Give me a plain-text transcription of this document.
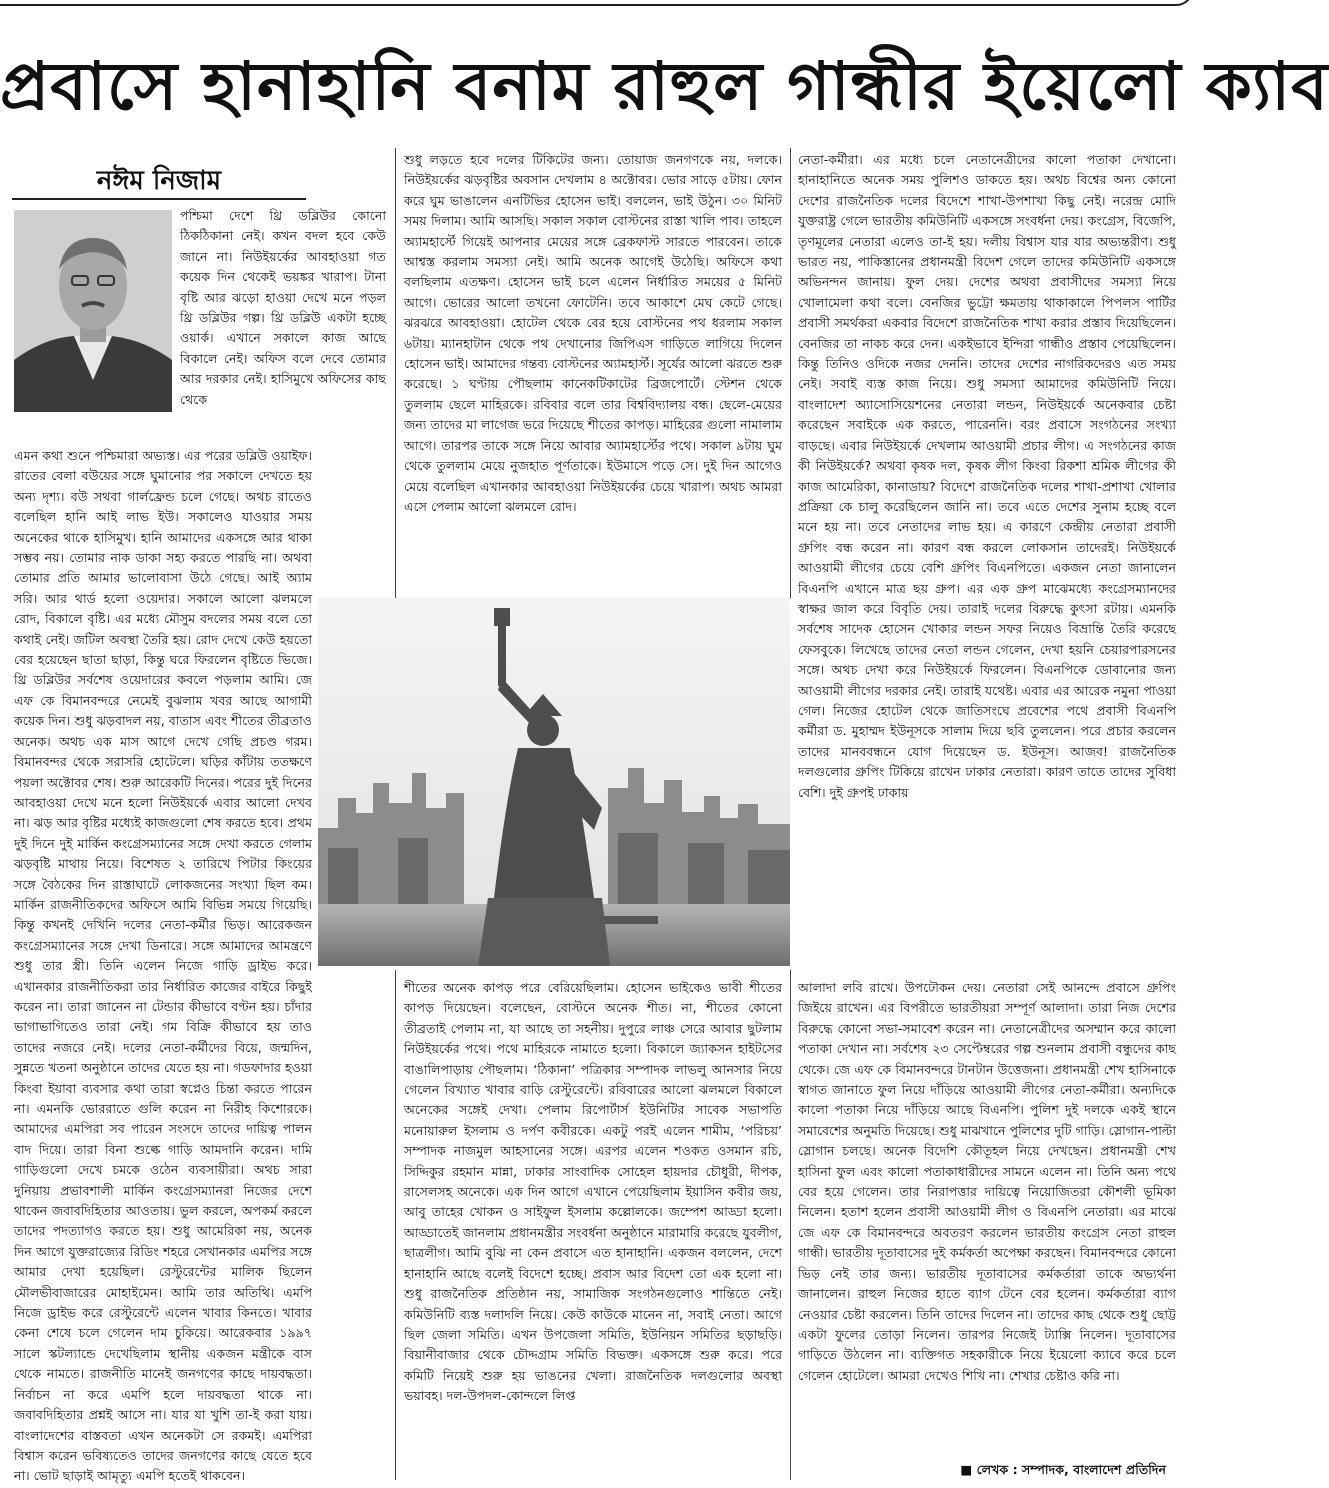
প্রবাসে হানাহানি বনাম রাহুল গান্ধীর ইয়েলো ক্যাব
নঈম নিজাম

পশ্চিমা দেশে থ্রি ডব্লিউর কোনো ঠিকঠিকানা নেই। কখন বদল হবে কেউ জানে না। নিউইয়র্কের আবহাওয়া গত কয়েক দিন থেকেই ভয়ঙ্কর খারাপ। টানা বৃষ্টি আর ঝড়ো হাওয়া দেখে মনে পড়ল থ্রি ডব্লিউর গল্প। থ্রি ডব্লিউ একটা হচ্ছে ওয়ার্ক। এখানে সকালে কাজ আছে বিকালে নেই। অফিস বলে দেবে তোমার আর দরকার নেই। হাসিমুখে অফিসের কাছ থেকে

এমন কথা শুনে পশ্চিমারা অভ্যস্ত। এর পরের ডব্লিউ ওয়াইফ। রাতের বেলা বউয়ের সঙ্গে ঘুমানোর পর সকালে দেখতে হয় অন্য দৃশ্য। বউ সথবা গার্লফ্রেন্ড চলে গেছে। অথচ রাতেও বলেছিল হানি আই লাভ ইউ। সকালেও যাওয়ার সময় অনেকের থাকে হাসিমুখ। হানি আমাদের একসঙ্গে আর থাকা সম্ভব নয়। তোমার নাক ডাকা সহ্য করতে পারছি না। অথবা তোমার প্রতি আমার ভালোবাসা উঠে গেছে। আই অ্যাম সরি। আর থার্ড হলো ওয়েদার। সকালে আলো ঝলমলে রোদ, বিকালে বৃষ্টি। এর মধ্যে মৌসুম বদলের সময় বলে তো কথাই নেই। জটিল অবস্থা তৈরি হয়। রোদ দেখে কেউ হয়তো বের হয়েছেন ছাতা ছাড়া, কিন্তু ঘরে ফিরলেন বৃষ্টিতে ভিজে। থ্রি ডব্লিউর সর্বশেষ ওয়েদারের কবলে পড়লাম আমি। জে এফ কে বিমানবন্দরে নেমেই বুঝলাম খবর আছে আগামী কয়েক দিন। শুধু ঝড়বাদল নয়, বাতাস এবং শীতের তীব্রতাও অনেক। অথচ এক মাস আগে দেখে গেছি প্রচণ্ড গরম। বিমানবন্দর থেকে সরাসরি হোটেলে। ঘড়ির কাঁটায় ততক্ষণে পয়লা অক্টোবর শেষ। শুরু আরেকটি দিনের। পরের দুই দিনের আবহাওয়া দেখে মনে হলো নিউইয়র্কে এবার আলো দেখব না। ঝড় আর বৃষ্টির মধ্যেই কাজগুলো শেষ করতে হবে। প্রথম দুই দিনে দুই মার্কিন কংগ্রেসম্যানের সঙ্গে দেখা করতে গেলাম ঝড়বৃষ্টি মাথায় নিয়ে। বিশেষত ২ তারিখে পিটার কিংয়ের সঙ্গে বৈঠকের দিন রাস্তাঘাটে লোকজনের সংখ্যা ছিল কম। মার্কিন রাজনীতিকদের অফিসে আমি বিভিন্ন সময়ে গিয়েছি। কিন্তু কখনই দেখিনি দলের নেতা-কর্মীর ভিড়। আরেকজন কংগ্রেসম্যানের সঙ্গে দেখা ডিনারে। সঙ্গে আমাদের আমন্ত্রণে শুধু তার স্ত্রী। তিনি এলেন নিজে গাড়ি ড্রাইভ করে। এখানকার রাজনীতিকরা তার নির্ধারিত কাজের বাইরে কিছুই করেন না। তারা জানেন না টেন্ডার কীভাবে বণ্টন হয়। চাঁদার ভাগাভাগিতেও তারা নেই। গম বিক্রি কীভাবে হয় তাও তাদের নজরে নেই। দলের নেতা-কর্মীদের বিয়ে, জন্মদিন, সুন্নতে খতনা অনুষ্ঠানে তাদের যেতে হয় না। গডফাদার হওয়া কিংবা ইয়াবা ব্যবসার কথা তারা স্বপ্নেও চিন্তা করতে পারেন না। এমনকি ভোররাতে গুলি করেন না নিরীহ কিশোরকে। আমাদের এমপিরা সব পারেন সংসদে তাদের দায়িত্ব পালন বাদ দিয়ে। তারা বিনা শুল্কে গাড়ি আমদানি করেন। দামি গাড়িগুলো দেখে চমকে ওঠেন ব্যবসায়ীরা। অথচ সারা দুনিয়ায় প্রভাবশালী মার্কিন কংগ্রেসম্যানরা নিজের দেশে থাকেন জবাবদিহিতার আওতায়। ভুল করলে, অপকর্ম করলে তাদের পদত্যাগও করতে হয়। শুধু আমেরিকা নয়, অনেক দিন আগে যুক্তরাজ্যের রিডিং শহরে সেখানকার এমপির সঙ্গে আমার দেখা হয়েছিল। রেস্টুরেন্টের মালিক ছিলেন মৌলভীবাজারের মোহাইমেন। আমি তার অতিথি। এমপি নিজে ড্রাইভ করে রেস্টুরেন্টে এলেন খাবার কিনতে। খাবার কেনা শেষে চলে গেলেন দাম চুকিয়ে। আরেকবার ১৯৯৭ সালে স্কটল্যান্ডে দেখেছিলাম স্থানীয় একজন মন্ত্রীকে বাস থেকে নামতে। রাজনীতি মানেই জনগণের কাছে দায়বদ্ধতা। নির্বাচন না করে এমপি হলে দায়বদ্ধতা থাকে না। জবাবদিহিতার প্রশ্নই আসে না। যার যা খুশি তা-ই করা যায়। বাংলাদেশের বাস্তবতা এখন অনেকটা সে রকমই। এমপিরা বিশ্বাস করেন ভবিষ্যতেও তাদের জনগণের কাছে যেতে হবে না। ভোট ছাড়াই আমৃত্যু এমপি হতেই থাকবেন।

শুধু লড়তে হবে দলের টিকিটের জন্য। তোয়াজ জনগণকে নয়, দলকে। নিউইয়র্কের ঝড়বৃষ্টির অবসান দেখলাম ৪ অক্টোবর। ভোর সাড়ে ৫টায়। ফোন করে ঘুম ভাঙালেন এনটিভির হোসেন ভাই। বললেন, ভাই উঠুন। ৩০ মিনিট সময় দিলাম। আমি আসছি। সকাল সকাল বোস্টনের রাস্তা খালি পাব। তাহলে অ্যামহার্স্টে গিয়েই আপনার মেয়ের সঙ্গে ব্রেকফাস্ট সারতে পারবেন। তাকে আশ্বস্ত করলাম সমস্যা নেই। আমি অনেক আগেই উঠেছি। অফিসে কথা বলছিলাম এতক্ষণ। হোসেন ভাই চলে এলেন নির্ধারিত সময়ের ৫ মিনিট আগে। ভোরের আলো তখনো ফোটেনি। তবে আকাশে মেঘ কেটে গেছে। ঝরঝরে আবহাওয়া। হোটেল থেকে বের হয়ে বোস্টনের পথ ধরলাম সকাল ৬টায়। ম্যানহাটান থেকে পথ দেখানোর জিপিএস গাড়িতে লাগিয়ে দিলেন হোসেন ভাই। আমাদের গন্তব্য বোস্টনের অ্যামহার্স্ট। সূর্যের আলো ঝরতে শুরু করেছে। ১ ঘণ্টায় পৌছলাম কানেকটিকাটের ব্রিজপোর্টে। স্টেশন থেকে তুললাম ছেলে মাহিরকে। রবিবার বলে তার বিশ্ববিদ্যালয় বন্ধ। ছেলে-মেয়ের জন্য তাদের মা লাগেজ ভরে দিয়েছে শীতের কাপড়। মাহিরের গুলো নামালাম আগে। তারপর তাকে সঙ্গে নিয়ে আবার অ্যামহার্স্টের পথে। সকাল ৯টায় ঘুম থেকে তুললাম মেয়ে নুজহাত পূর্ণতাকে। ইউমাসে পড়ে সে। দুই দিন আগেও মেয়ে বলেছিল এখানকার আবহাওয়া নিউইয়র্কের চেয়ে খারাপ। অথচ আমরা এসে পেলাম আলো ঝলমলে রোদ।

শীতের অনেক কাপড় পরে বেরিয়েছিলাম। হোসেন ভাইকেও ভাবী শীতের কাপড় দিয়েছেন। বলেছেন, বোস্টনে অনেক শীত। না, শীতের কোনো তীব্রতাই পেলাম না, যা আছে তা সহনীয়। দুপুরে লাঞ্চ সেরে আবার ছুটলাম নিউইয়র্কের পথে। পথে মাহিরকে নামাতে হলো। বিকালে জ্যাকসন হাইটসের বাঙালিপাড়ায় পৌছলাম। ‘ঠিকানা’ পত্রিকার সম্পাদক লাভলু আনসার নিয়ে গেলেন বিখ্যাত খাবার বাড়ি রেস্টুরেন্টে। রবিবারের আলো ঝলমলে বিকালে অনেকের সঙ্গেই দেখা। পেলাম রিপোর্টার্স ইউনিটির সাবেক সভাপতি মনোয়ারুল ইসলাম ও দর্পণ কবীরকে। একটু পরই এলেন শামীম, ‘পরিচয়’ সম্পাদক নাজমুল আহসানের সঙ্গে। এরপর এলেন শওকত ওসমান রচি, সিদ্দিকুর রহমান মান্না, ঢাকার সাংবাদিক সোহেল হায়দার চৌধুরী, দীপক, রাসেলসহ অনেকে। এক দিন আগে এখানে পেয়েছিলাম ইয়াসিন কবীর জয়, আবু তাহের খোকন ও সাইফুল ইসলাম কল্লোলকে। জম্পেশ আড্ডা হলো। আড্ডাতেই জানলাম প্রধানমন্ত্রীর সংবর্ধনা অনুষ্ঠানে মারামারি করেছে যুবলীগ, ছাত্রলীগ। আমি বুঝি না কেন প্রবাসে এত হানাহানি। একজন বললেন, দেশে হানাহানি আছে বলেই বিদেশে হচ্ছে। প্রবাস আর বিদেশ তো এক হলো না। শুধু রাজনৈতিক প্রতিষ্ঠান নয়, সামাজিক সংগঠনগুলোও শান্তিতে নেই। কমিউনিটি ব্যস্ত দলাদলি নিয়ে। কেউ কাউকে মানেন না, সবাই নেতা। আগে ছিল জেলা সমিতি। এখন উপজেলা সমিতি, ইউনিয়ন সমিতির ছড়াছড়ি। বিয়ানীবাজার থেকে চৌদ্দগ্রাম সমিতি বিভক্ত। একসঙ্গে শুরু করে। পরে কমিটি নিয়েই শুরু হয় ভাঙনের খেলা। রাজনৈতিক দলগুলোর অবস্থা ভয়াবহ। দল-উপদল-কোন্দলে লিপ্ত

নেতা-কর্মীরা। এর মধ্যে চলে নেতানেত্রীদের কালো পতাকা দেখানো। হানাহানিতে অনেক সময় পুলিশও ডাকতে হয়। অথচ বিশ্বের অন্য কোনো দেশের রাজনৈতিক দলের বিদেশে শাখা-উপশাখা কিছু নেই। নরেন্দ্র মোদি যুক্তরাষ্ট্র গেলে ভারতীয় কমিউনিটি একসঙ্গে সংবর্ধনা দেয়। কংগ্রেস, বিজেপি, তৃণমূলের নেতারা এলেও তা-ই হয়। দলীয় বিশ্বাস যার যার অভ্যন্তরীণ। শুধু ভারত নয়, পাকিস্তানের প্রধানমন্ত্রী বিদেশ গেলে তাদের কমিউনিটি একসঙ্গে অভিনন্দন জানায়। ফুল দেয়। দেশের অথবা প্রবাসীদের সমস্যা নিয়ে খোলামেলা কথা বলে। বেনজির ভুট্টো ক্ষমতায় থাকাকালে পিপলস পার্টির প্রবাসী সমর্থকরা একবার বিদেশে রাজনৈতিক শাখা করার প্রস্তাব দিয়েছিলেন। বেনজির তা নাকচ করে দেন। একইভাবে ইন্দিরা গান্ধীও প্রস্তাব পেয়েছিলেন। কিন্তু তিনিও ওদিকে নজর দেননি। তাদের দেশের নাগরিকদেরও এত সময় নেই। সবাই ব্যস্ত কাজ নিয়ে। শুধু সমস্যা আমাদের কমিউনিটি নিয়ে। বাংলাদেশ অ্যাসোসিয়েশনের নেতারা লন্ডন, নিউইয়র্কে অনেকবার চেষ্টা করেছেন সবাইকে এক করতে, পারেননি। বরং প্রবাসে সংগঠনের সংখ্যা বাড়ছে। এবার নিউইয়র্কে দেখলাম আওয়ামী প্রচার লীগ। এ সংগঠনের কাজ কী নিউইয়র্কে? অথবা কৃষক দল, কৃষক লীগ কিংবা রিকশা শ্রমিক লীগের কী কাজ আমেরিকা, কানাডায়? বিদেশে রাজনৈতিক দলের শাখা-প্রশাখা খোলার প্রক্রিয়া কে চালু করেছিলেন জানি না। তবে এতে দেশের সুনাম হচ্ছে বলে মনে হয় না। তবে নেতাদের লাভ হয়। এ কারণে কেন্দ্রীয় নেতারা প্রবাসী গ্রুপিং বন্ধ করেন না। কারণ বন্ধ করলে লোকসান তাদেরই। নিউইয়র্কে আওয়ামী লীগের চেয়ে বেশি গ্রুপিং বিএনপিতে। একজন নেতা জানালেন বিএনপি এখানে মাত্র ছয় গ্রুপ। এর এক গ্রুপ মাঝেমধ্যে কংগ্রেসম্যানদের স্বাক্ষর জাল করে বিবৃতি দেয়। তারাই দলের বিরুদ্ধে কুৎসা রটায়। এমনকি সর্বশেষ সাদেক হোসেন খোকার লন্ডন সফর নিয়েও বিভ্রান্তি তৈরি করেছে ফেসবুকে। লিখেছে তাদের নেতা লন্ডন গেলেন, দেখা হয়নি চেয়ারপারসনের সঙ্গে। অথচ দেখা করে নিউইয়র্কে ফিরলেন। বিএনপিকে ডোবানোর জন্য আওয়ামী লীগের দরকার নেই। তারাই যথেষ্ট। এবার এর আরেক নমুনা পাওয়া গেল। নিজের হোটেল থেকে জাতিসংঘে প্রবেশের পথে প্রবাসী বিএনপি কর্মীরা ড. মুহাম্মদ ইউনূসকে সালাম দিয়ে ছবি তুললেন। পরে প্রচার করলেন তাদের মানববন্ধনে যোগ দিয়েছেন ড. ইউনূস। আজব! রাজনৈতিক দলগুলোর গ্রুপিং টিকিয়ে রাখেন ঢাকার নেতারা। কারণ তাতে তাদের সুবিধা বেশি। দুই গ্রুপই ঢাকায়

আলাদা লবি রাখে। উপঢৌকন দেয়। নেতারা সেই আনন্দে প্রবাসে গ্রুপিং জিইয়ে রাখেন। এর বিপরীতে ভারতীয়রা সম্পূর্ণ আলাদা। তারা নিজ দেশের বিরুদ্ধে কোনো সভা-সমাবেশ করেন না। নেতানেত্রীদের অসম্মান করে কালো পতাকা দেখান না। সর্বশেষ ২৩ সেপ্টেম্বরের গল্প শুনলাম প্রবাসী বন্ধুদের কাছ থেকে। জে এফ কে বিমানবন্দরে টানটান উত্তেজনা। প্রধানমন্ত্রী শেখ হাসিনাকে স্বাগত জানাতে ফুল নিয়ে দাঁড়িয়ে আওয়ামী লীগের নেতা-কর্মীরা। অন্যদিকে কালো পতাকা নিয়ে দাঁড়িয়ে আছে বিএনপি। পুলিশ দুই দলকে একই স্থানে সমাবেশের অনুমতি দিয়েছে। শুধু মাঝখানে পুলিশের দুটি গাড়ি। স্লোগান-পাল্টা স্লোগান চলছে। অনেক বিদেশি কৌতূহল নিয়ে দেখছেন। প্রধানমন্ত্রী শেখ হাসিনা ফুল এবং কালো পতাকাধারীদের সামনে এলেন না। তিনি অন্য পথে বের হয়ে গেলেন। তার নিরাপত্তার দায়িত্বে নিয়োজিতরা কৌশলী ভূমিকা নিলেন। হতাশ হলেন প্রবাসী আওয়ামী লীগ ও বিএনপি নেতারা। এর মাঝে জে এফ কে বিমানবন্দরে অবতরণ করলেন ভারতীয় কংগ্রেস নেতা রাহুল গান্ধী। ভারতীয় দূতাবাসের দুই কর্মকর্তা অপেক্ষা করছেন। বিমানবন্দরে কোনো ভিড় নেই তার জন্য। ভারতীয় দূতাবাসের কর্মকর্তারা তাকে অভ্যর্থনা জানালেন। রাহুল নিজের হাতে ব্যাগ টেনে বের হলেন। কর্মকর্তারা ব্যাগ নেওয়ার চেষ্টা করলেন। তিনি তাদের দিলেন না। তাদের কাছ থেকে শুধু ছোট্ট একটা ফুলের তোড়া নিলেন। তারপর নিজেই ট্যাক্সি নিলেন। দূতাবাসের গাড়িতে উঠলেন না। ব্যক্তিগত সহকারীকে নিয়ে ইয়েলো ক্যাবে করে চলে গেলেন হোটেলে। আমরা দেখেও শিখি না। শেখার চেষ্টাও করি না।

■ লেখক : সম্পাদক, বাংলাদেশ প্রতিদিন
